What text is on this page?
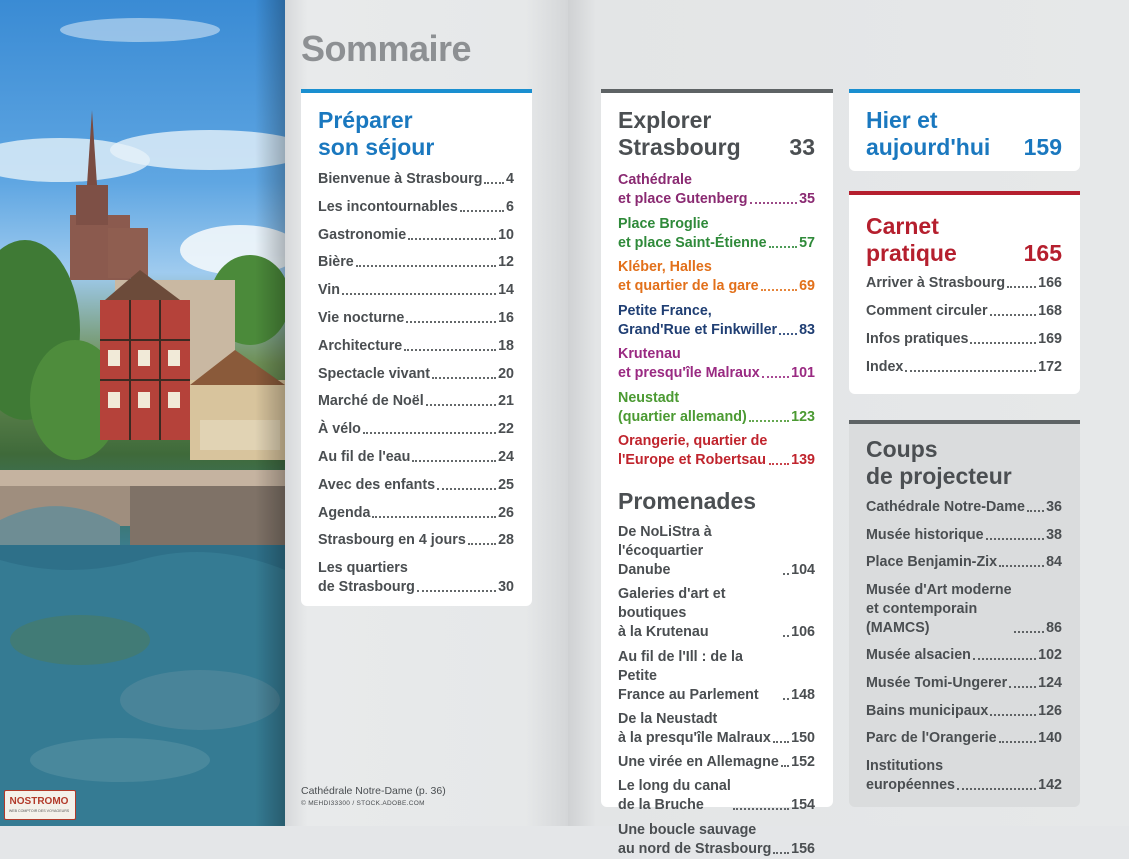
NOSTROMO
WEB COMPTOIR DES VOYAGEURS
Sommaire
Préparer
son séjour
Bienvenue à Strasbourg 4
Les incontournables	6
Gastronomie	10
Bière	12
Vin	14
Vie nocturne	16
Architecture	18
Spectacle vivant	20
Marché de Noël	21
À vélo	22
Au fil de l'eau	24
Avec des enfants	25
Agenda	26
Strasbourg en 4 jours 28
Les quartiers
de Strasbourg	30
Explorer
Strasbourg 33
Cathédrale
et place Gutenberg	35
Place Broglie
et place Saint-Étienne 57
Kléber, Halles
et quartier de la gare	69
Petite France,
Grand'Rue et Finkwiller 83
Krutenau
et presqu'île Malraux 101
Neustadt
(quartier allemand)	123
Orangerie, quartier de
l'Europe et Robertsau 139
Promenades
De NoLiStra à l'écoquartier
Danube	104
Galeries d'art et boutiques
à la Krutenau	106
Au fil de l'Ill : de la Petite
France au Parlement	148
De la Neustadt
à la presqu'île Malraux 150
Une virée en Allemagne 152
Le long du canal
de la Bruche	154
Une boucle sauvage
au nord de Strasbourg 156
Hier et
aujourd'hui 159
Carnet
pratique	165
Arriver à Strasbourg 166
Comment circuler	168
Infos pratiques	169
Index	172
Coups
de projecteur
Cathédrale Notre-Dame 36
Musée historique	38
Place Benjamin-Zix	84
Musée d'Art moderne
et contemporain
(MAMCS)	86
Musée alsacien	102
Musée Tomi-Ungerer 124
Bains municipaux	126
Parc de l'Orangerie	140
Institutions
européennes	142
Cathédrale Notre-Dame (p. 36)
© MEHDI33300 / STOCK.ADOBE.COM
